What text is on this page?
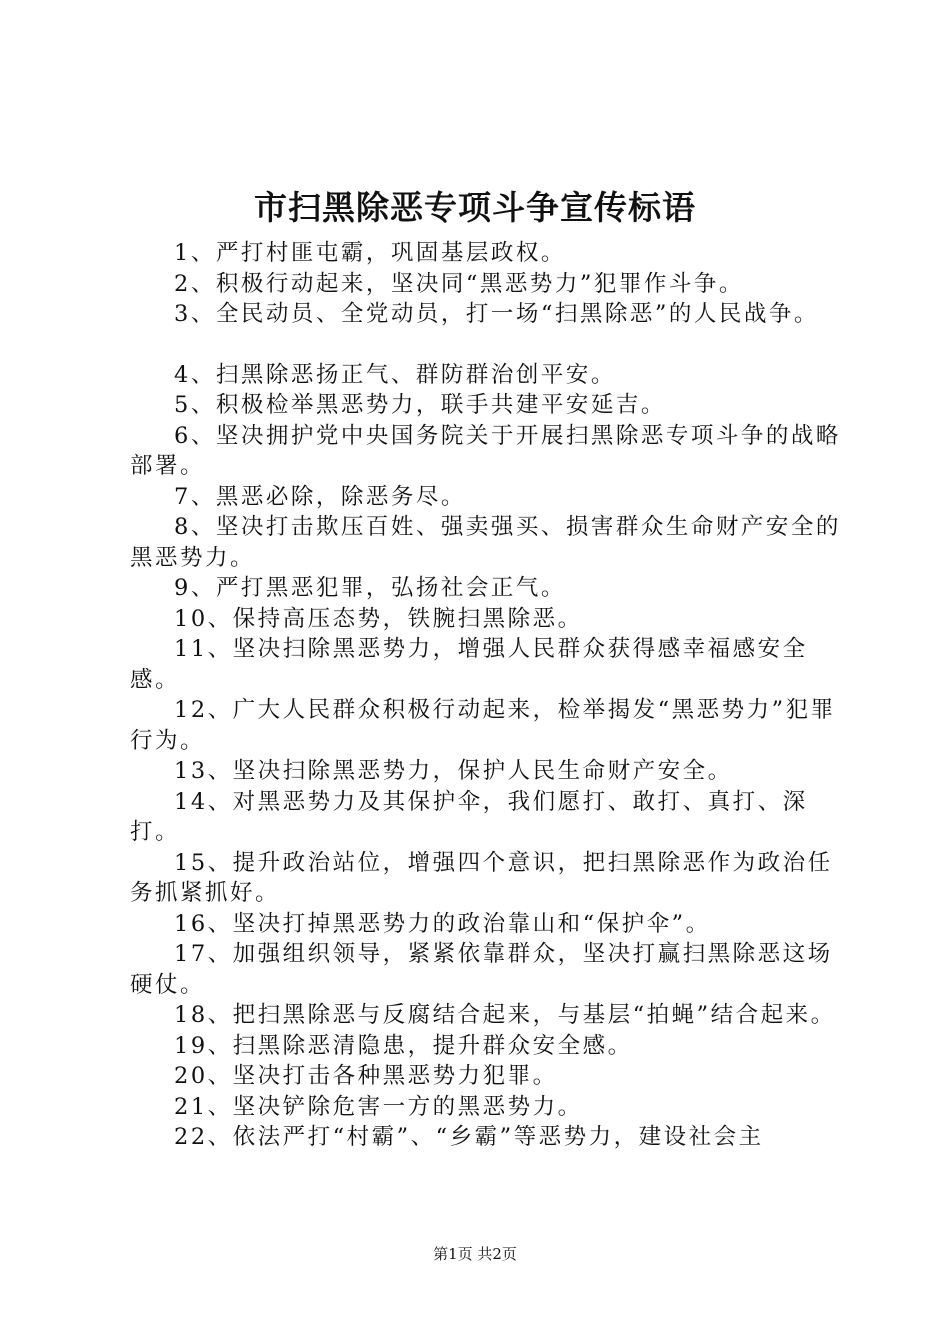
市扫黑除恶专项斗争宣传标语

1、严打村匪屯霸，巩固基层政权。

2、积极行动起来，坚决同“黑恶势力”犯罪作斗争。

3、全民动员、全党动员，打一场“扫黑除恶”的人民战争。

4、扫黑除恶扬正气、群防群治创平安。

5、积极检举黑恶势力，联手共建平安延吉。

6、坚决拥护党中央国务院关于开展扫黑除恶专项斗争的战略部署。

7、黑恶必除，除恶务尽。

8、坚决打击欺压百姓、强卖强买、损害群众生命财产安全的黑恶势力。

9、严打黑恶犯罪，弘扬社会正气。

10、保持高压态势，铁腕扫黑除恶。

11、坚决扫除黑恶势力，增强人民群众获得感幸福感安全感。

12、广大人民群众积极行动起来，检举揭发“黑恶势力”犯罪行为。

13、坚决扫除黑恶势力，保护人民生命财产安全。

14、对黑恶势力及其保护伞，我们愿打、敢打、真打、深打。

15、提升政治站位，增强四个意识，把扫黑除恶作为政治任务抓紧抓好。

16、坚决打掉黑恶势力的政治靠山和“保护伞”。

17、加强组织领导，紧紧依靠群众，坚决打赢扫黑除恶这场硬仗。

18、把扫黑除恶与反腐结合起来，与基层“拍蝇”结合起来。

19、扫黑除恶清隐患，提升群众安全感。

20、坚决打击各种黑恶势力犯罪。

21、坚决铲除危害一方的黑恶势力。

22、依法严打“村霸”、“乡霸”等恶势力，建设社会主

第1页 共2页
